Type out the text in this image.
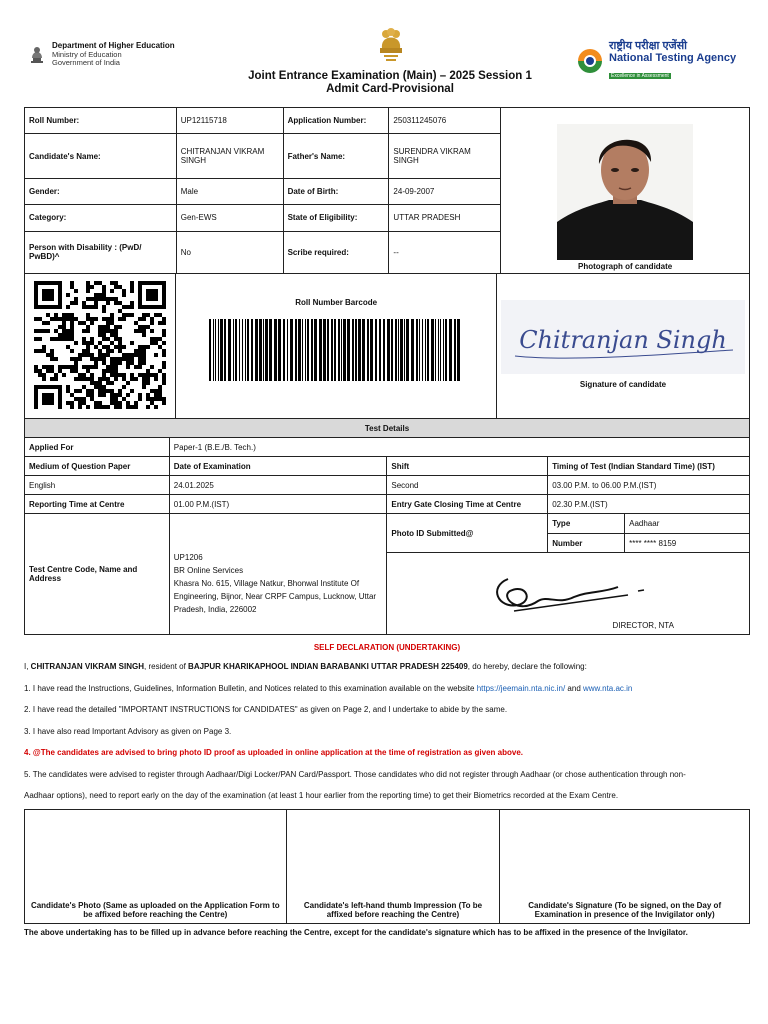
Department of Higher Education
Ministry of Education
Government of India
राष्ट्रीय परीक्षा एजेंसी
National Testing Agency
Excellence in Assessment
Joint Entrance Examination (Main) – 2025 Session 1
Admit Card-Provisional
Roll Number:	UP12115718	Application Number:	250311245076	Photograph of candidate

Candidate's Name:	CHITRANJAN VIKRAM SINGH	Father's Name:	SURENDRA VIKRAM SINGH	
Gender:	Male	Date of Birth:	24-09-2007	
Category:	Gen-EWS	State of Eligibility:	UTTAR PRADESH	
Person with Disability : (PwD/ PwBD)^	No	Scribe required:	--	

Roll Number Barcode

Chitranjan Singh
Signature of candidate
Test Details				
Applied For	Paper-1 (B.E./B. Tech.)			
Medium of Question Paper	Date of Examination	Shift	Timing of Test (Indian Standard Time) (IST)	
English	24.01.2025	Second	03.00 P.M. to 06.00 P.M.(IST)	
Reporting Time at Centre	01.00 P.M.(IST)	Entry Gate Closing Time at Centre	02.30 P.M.(IST)	
Test Centre Code, Name and Address	UP1206
BR Online Services
Khasra No. 615, Village Natkur, Bhonwal Institute Of Engineering, Bijnor, Near CRPF Campus, Lucknow, Uttar Pradesh, India, 226002	Photo ID Submitted@	Type	Aadhaar
			Number	**** **** 8159

		DIRECTOR, NTA		
SELF DECLARATION (UNDERTAKING)
I, CHITRANJAN VIKRAM SINGH, resident of BAJPUR KHARIKAPHOOL INDIAN BARABANKI UTTAR PRADESH 225409, do hereby, declare the following:
1. I have read the Instructions, Guidelines, Information Bulletin, and Notices related to this examination available on the website https://jeemain.nta.nic.in/ and www.nta.ac.in
2. I have read the detailed "IMPORTANT INSTRUCTIONS for CANDIDATES" as given on Page 2, and I undertake to abide by the same.
3. I have also read Important Advisory as given on Page 3.
4. @The candidates are advised to bring photo ID proof as uploaded in online application at the time of registration as given above.
5. The candidates were advised to register through Aadhaar/Digi Locker/PAN Card/Passport. Those candidates who did not register through Aadhaar (or chose authentication through non-
Aadhaar options), need to report early on the day of the examination (at least 1 hour earlier from the reporting time) to get their Biometrics recorded at the Exam Centre.
Candidate's Photo (Same as uploaded on the Application Form to be affixed before reaching the Centre)	Candidate's left-hand thumb Impression (To be affixed before reaching the Centre)	Candidate's Signature (To be signed, on the Day of Examination in presence of the Invigilator only)
The above undertaking has to be filled up in advance before reaching the Centre, except for the candidate's signature which has to be affixed in the presence of the Invigilator.
